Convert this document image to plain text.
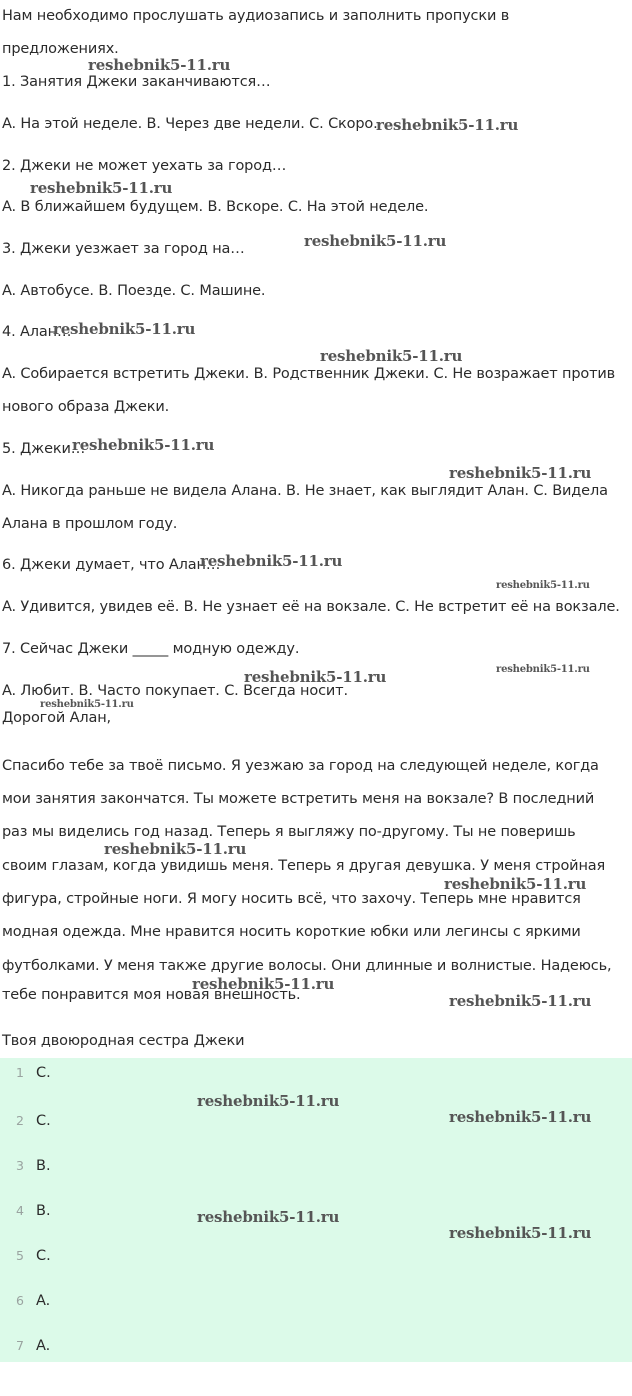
Нам необходимо прослушать аудиозапись и заполнить пропуски в
предложениях.
1. Занятия Джеки заканчиваются…
A. На этой неделе. B. Через две недели. C. Скоро.
2. Джеки не может уехать за город…
A. В ближайшем будущем. B. Вскоре. C. На этой неделе.
3. Джеки уезжает за город на…
A. Автобусе. B. Поезде. C. Машине.
4. Алан…
A. Собирается встретить Джеки. B. Родственник Джеки. C. Не возражает против
нового образа Джеки.
5. Джеки…
A. Никогда раньше не видела Алана. B. Не знает, как выглядит Алан. C. Видела
Алана в прошлом году.
6. Джеки думает, что Алан…
A. Удивится, увидев её. B. Не узнает её на вокзале. C. Не встретит её на вокзале.
7. Сейчас Джеки _____ модную одежду.
A. Любит. B. Часто покупает. C. Всегда носит.
Дорогой Алан,
Спасибо тебе за твоё письмо. Я уезжаю за город на следующей неделе, когда
мои занятия закончатся. Ты можете встретить меня на вокзале? В последний
раз мы виделись год назад. Теперь я выгляжу по-другому. Ты не поверишь
своим глазам, когда увидишь меня. Теперь я другая девушка. У меня стройная
фигура, стройные ноги. Я могу носить всё, что захочу. Теперь мне нравится
модная одежда. Мне нравится носить короткие юбки или легинсы с яркими
футболками. У меня также другие волосы. Они длинные и волнистые. Надеюсь,
тебе понравится моя новая внешность.
Твоя двоюродная сестра Джеки
1 C.
2 C.
3 B.
4 B.
5 C.
6 A.
7 A.
reshebnik5-11.ru
reshebnik5-11.ru
reshebnik5-11.ru
reshebnik5-11.ru
reshebnik5-11.ru
reshebnik5-11.ru
reshebnik5-11.ru
reshebnik5-11.ru
reshebnik5-11.ru
reshebnik5-11.ru
reshebnik5-11.ru
reshebnik5-11.ru
reshebnik5-11.ru
reshebnik5-11.ru
reshebnik5-11.ru
reshebnik5-11.ru
reshebnik5-11.ru
reshebnik5-11.ru
reshebnik5-11.ru
reshebnik5-11.ru
reshebnik5-11.ru
